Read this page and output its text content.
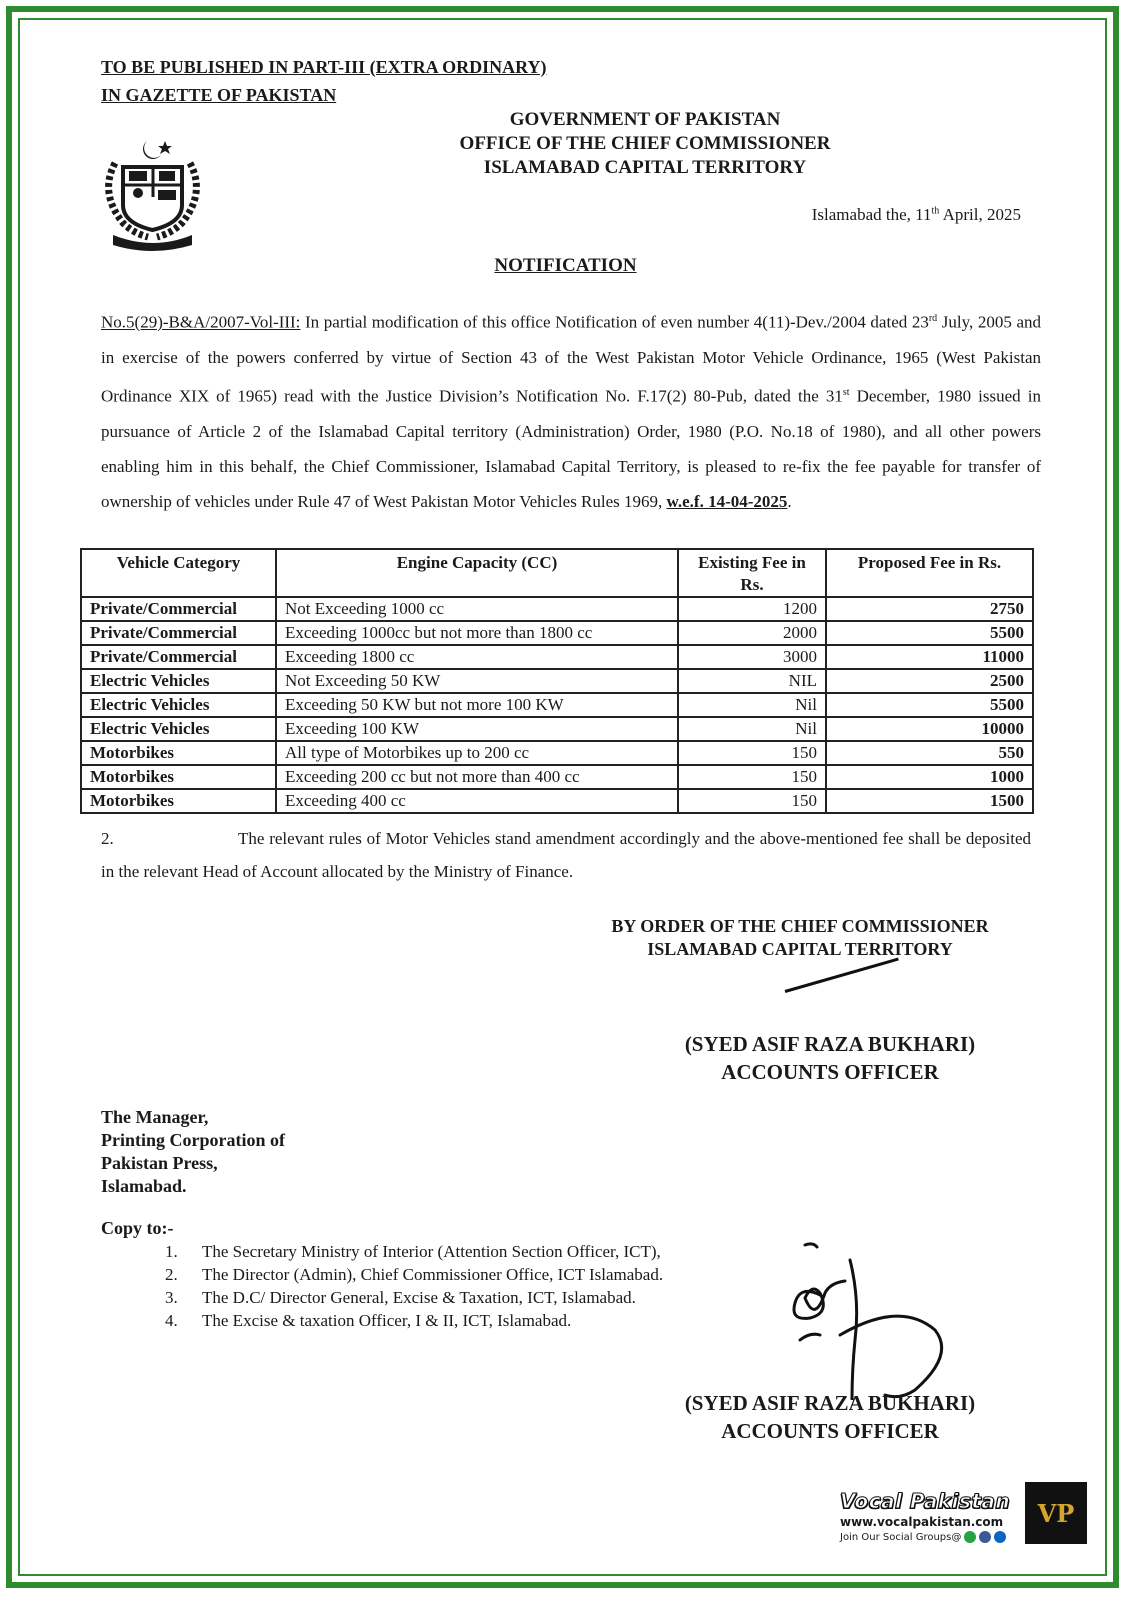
TO BE PUBLISHED IN PART-III (EXTRA ORDINARY)
IN GAZETTE OF PAKISTAN
GOVERNMENT OF PAKISTAN
OFFICE OF THE CHIEF COMMISSIONER
ISLAMABAD CAPITAL TERRITORY
Islamabad the, 11th April, 2025
NOTIFICATION
No.5(29)-B&A/2007-Vol-III: In partial modification of this office Notification of even number 4(11)-Dev./2004 dated 23rd July, 2005 and in exercise of the powers conferred by virtue of Section 43 of the West Pakistan Motor Vehicle Ordinance, 1965 (West Pakistan Ordinance XIX of 1965) read with the Justice Division’s Notification No. F.17(2) 80-Pub, dated the 31st December, 1980 issued in pursuance of Article 2 of the Islamabad Capital territory (Administration) Order, 1980 (P.O. No.18 of 1980), and all other powers enabling him in this behalf, the Chief Commissioner, Islamabad Capital Territory, is pleased to re-fix the fee payable for transfer of ownership of vehicles under Rule 47 of West Pakistan Motor Vehicles Rules 1969, w.e.f. 14-04-2025.
Vehicle Category	Engine Capacity (CC)	Existing Fee in Rs.	Proposed Fee in Rs.
Private/Commercial	Not Exceeding 1000 cc	1200	2750
Private/Commercial	Exceeding 1000cc but not more than 1800 cc	2000	5500
Private/Commercial	Exceeding 1800 cc	3000	11000
Electric Vehicles	Not Exceeding 50 KW	NIL	2500
Electric Vehicles	Exceeding 50 KW but not more 100 KW	Nil	5500
Electric Vehicles	Exceeding 100 KW	Nil	10000
Motorbikes	All type of Motorbikes up to 200 cc	150	550
Motorbikes	Exceeding 200 cc but not more than 400 cc	150	1000
Motorbikes	Exceeding 400 cc	150	1500
2.	The relevant rules of Motor Vehicles stand amendment accordingly and the above-mentioned fee shall be deposited in the relevant Head of Account allocated by the Ministry of Finance.
BY ORDER OF THE CHIEF COMMISSIONER
ISLAMABAD CAPITAL TERRITORY
(SYED ASIF RAZA BUKHARI)
ACCOUNTS OFFICER
The Manager,
Printing Corporation of
Pakistan Press,
Islamabad.
Copy to:-
1.	The Secretary Ministry of Interior (Attention Section Officer, ICT),
2.	The Director (Admin), Chief Commissioner Office, ICT Islamabad.
3.	The D.C/ Director General, Excise & Taxation, ICT, Islamabad.
4.	The Excise & taxation Officer, I & II, ICT, Islamabad.
(SYED ASIF RAZA BUKHARI)
ACCOUNTS OFFICER
Vocal Pakistan
www.vocalpakistan.com
Join Our Social Groups@
VP
